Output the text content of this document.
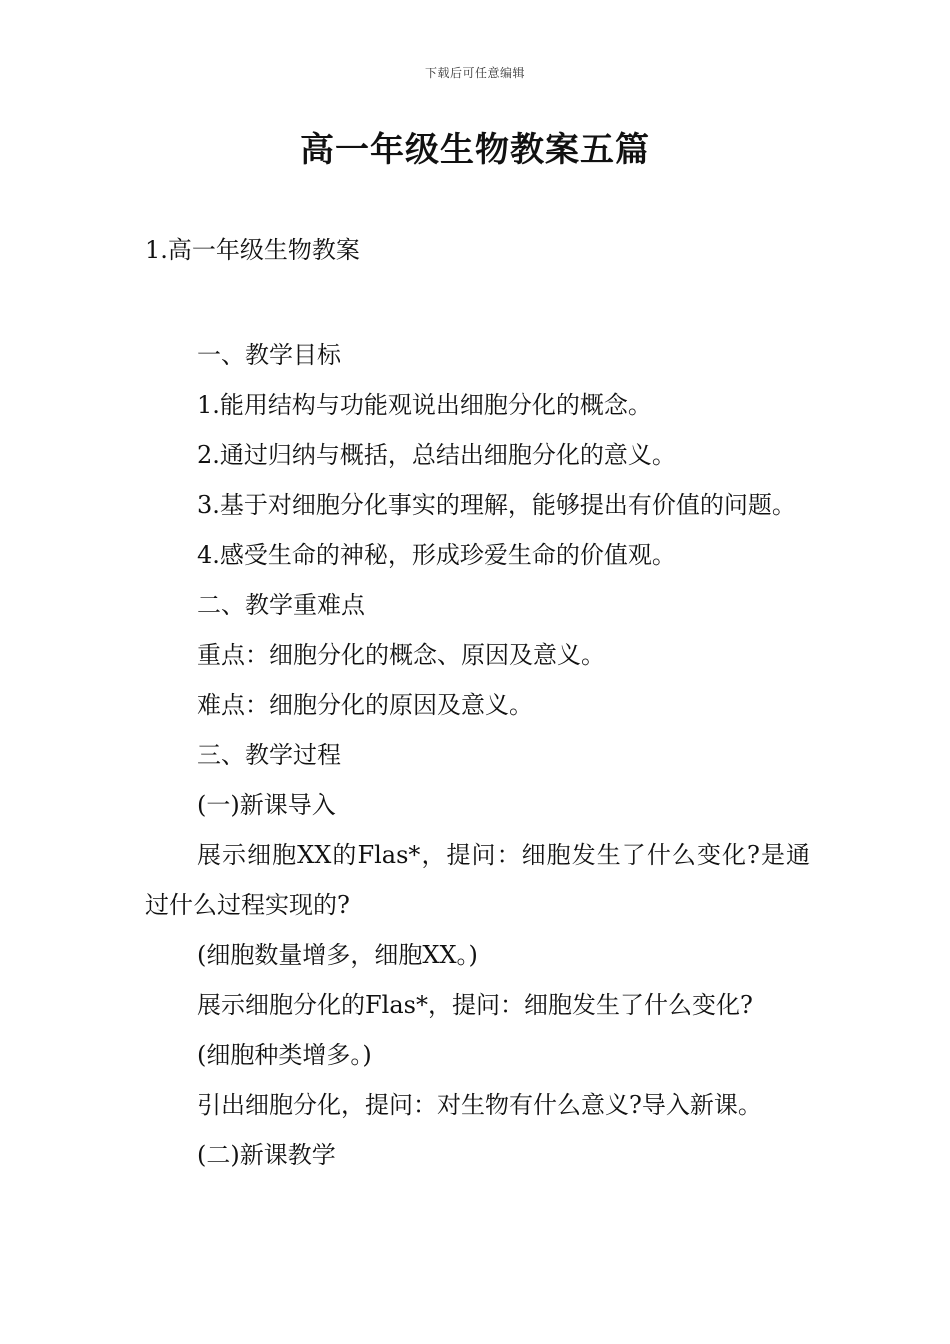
下载后可任意编辑
高一年级生物教案五篇
1.高一年级生物教案

一、教学目标

1.能用结构与功能观说出细胞分化的概念。

2.通过归纳与概括，总结出细胞分化的意义。

3.基于对细胞分化事实的理解，能够提出有价值的问题。

4.感受生命的神秘，形成珍爱生命的价值观。

二、教学重难点

重点：细胞分化的概念、原因及意义。

难点：细胞分化的原因及意义。

三、教学过程

(一)新课导入

展示细胞XX的Flas*，提问：细胞发生了什么变化?是通过什么过程实现的?

(细胞数量增多，细胞XX。)

展示细胞分化的Flas*，提问：细胞发生了什么变化?

(细胞种类增多。)

引出细胞分化，提问：对生物有什么意义?导入新课。

(二)新课教学
